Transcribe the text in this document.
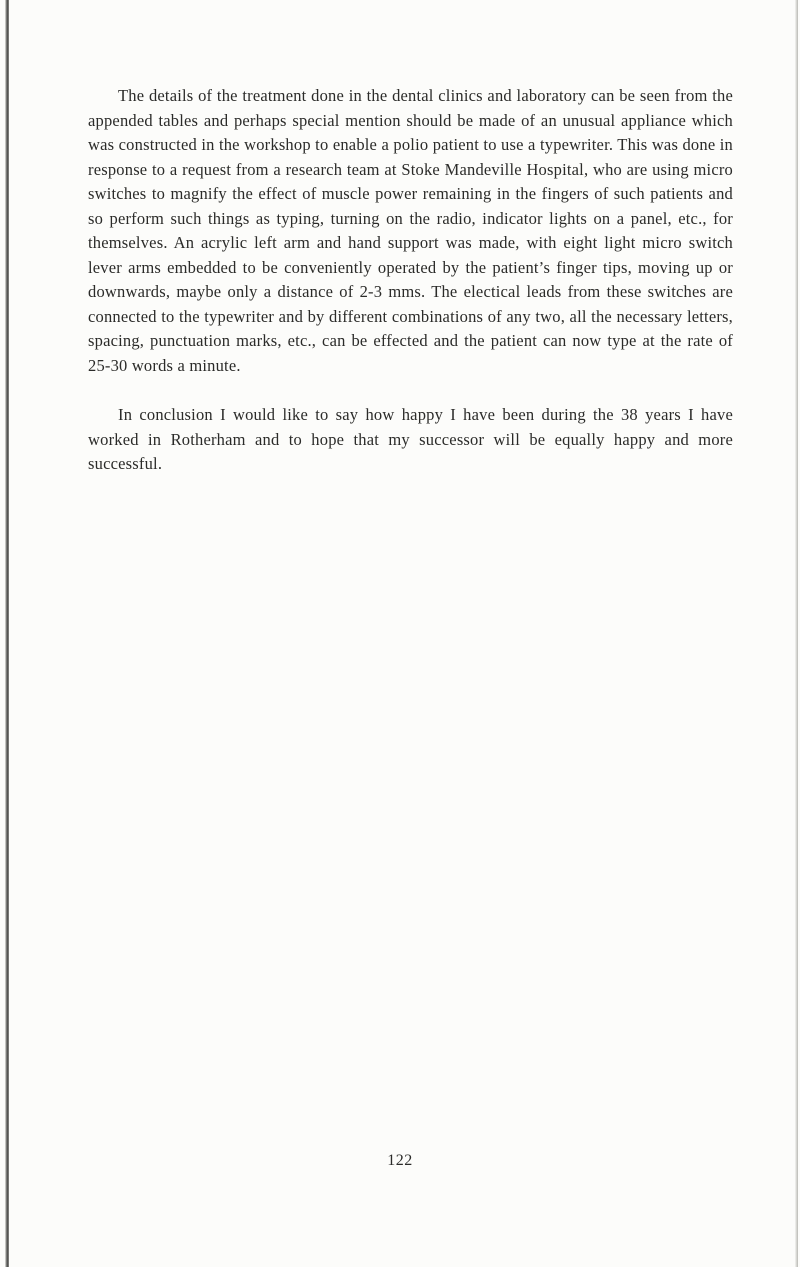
The details of the treatment done in the dental clinics and laboratory can be seen from the appended tables and perhaps special mention should be made of an unusual appliance which was constructed in the workshop to enable a polio patient to use a typewriter. This was done in response to a request from a research team at Stoke Mandeville Hospital, who are using micro switches to magnify the effect of muscle power remaining in the fingers of such patients and so perform such things as typing, turning on the radio, indicator lights on a panel, etc., for themselves. An acrylic left arm and hand support was made, with eight light micro switch lever arms embedded to be conveniently operated by the patient’s finger tips, moving up or downwards, maybe only a distance of 2-3 mms. The electical leads from these switches are connected to the typewriter and by different combinations of any two, all the necessary letters, spacing, punctuation marks, etc., can be effected and the patient can now type at the rate of 25-30 words a minute.

In conclusion I would like to say how happy I have been during the 38 years I have worked in Rotherham and to hope that my successor will be equally happy and more successful.

122
